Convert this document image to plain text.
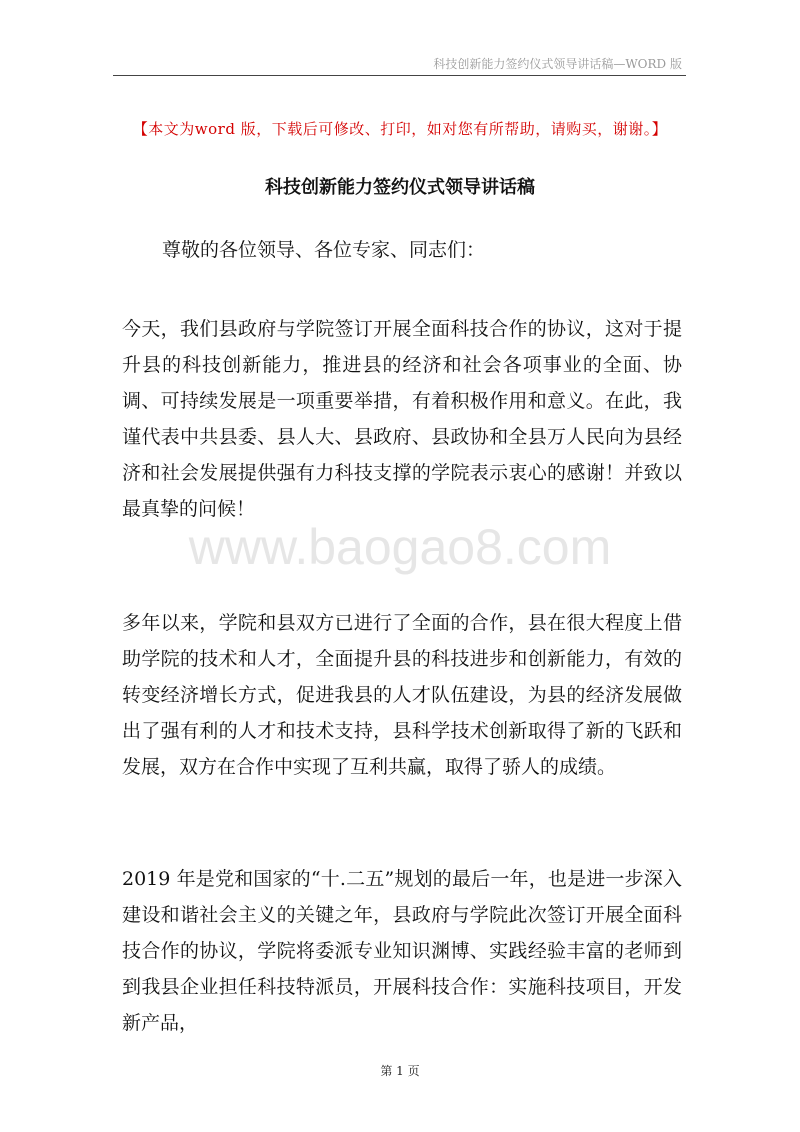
科技创新能力签约仪式领导讲话稿—WORD 版
【本文为word 版，下载后可修改、打印，如对您有所帮助，请购买，谢谢。】
科技创新能力签约仪式领导讲话稿
尊敬的各位领导、各位专家、同志们：
今天，我们县政府与学院签订开展全面科技合作的协议，这对于提升县的科技创新能力，推进县的经济和社会各项事业的全面、协调、可持续发展是一项重要举措，有着积极作用和意义。在此，我谨代表中共县委、县人大、县政府、县政协和全县万人民向为县经济和社会发展提供强有力科技支撑的学院表示衷心的感谢！并致以最真挚的问候！
www.baogao8.com
多年以来，学院和县双方已进行了全面的合作，县在很大程度上借助学院的技术和人才，全面提升县的科技进步和创新能力，有效的转变经济增长方式，促进我县的人才队伍建设，为县的经济发展做出了强有利的人才和技术支持，县科学技术创新取得了新的飞跃和发展，双方在合作中实现了互利共赢，取得了骄人的成绩。
2019 年是党和国家的“十.二五”规划的最后一年，也是进一步深入建设和谐社会主义的关键之年，县政府与学院此次签订开展全面科技合作的协议，学院将委派专业知识渊博、实践经验丰富的老师到到我县企业担任科技特派员，开展科技合作：实施科技项目，开发新产品，
第 1 页
